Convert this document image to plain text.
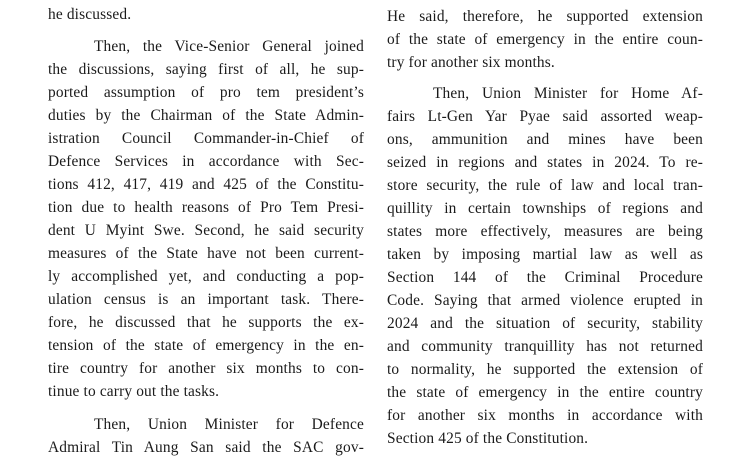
he discussed.
Then, the Vice-Senior General joined
the discussions, saying first of all, he sup-
ported assumption of pro tem president’s
duties by the Chairman of the State Admin-
istration Council Commander-in-Chief of
Defence Services in accordance with Sec-
tions 412, 417, 419 and 425 of the Constitu-
tion due to health reasons of Pro Tem Presi-
dent U Myint Swe. Second, he said security
measures of the State have not been current-
ly accomplished yet, and conducting a pop-
ulation census is an important task. There-
fore, he discussed that he supports the ex-
tension of the state of emergency in the en-
tire country for another six months to con-
tinue to carry out the tasks.
Then, Union Minister for Defence
Admiral Tin Aung San said the SAC gov-
He said, therefore, he supported extension
of the state of emergency in the entire coun-
try for another six months.
Then, Union Minister for Home Af-
fairs Lt-Gen Yar Pyae said assorted weap-
ons, ammunition and mines have been
seized in regions and states in 2024. To re-
store security, the rule of law and local tran-
quillity in certain townships of regions and
states more effectively, measures are being
taken by imposing martial law as well as
Section 144 of the Criminal Procedure
Code. Saying that armed violence erupted in
2024 and the situation of security, stability
and community tranquillity has not returned
to normality, he supported the extension of
the state of emergency in the entire country
for another six months in accordance with
Section 425 of the Constitution.
